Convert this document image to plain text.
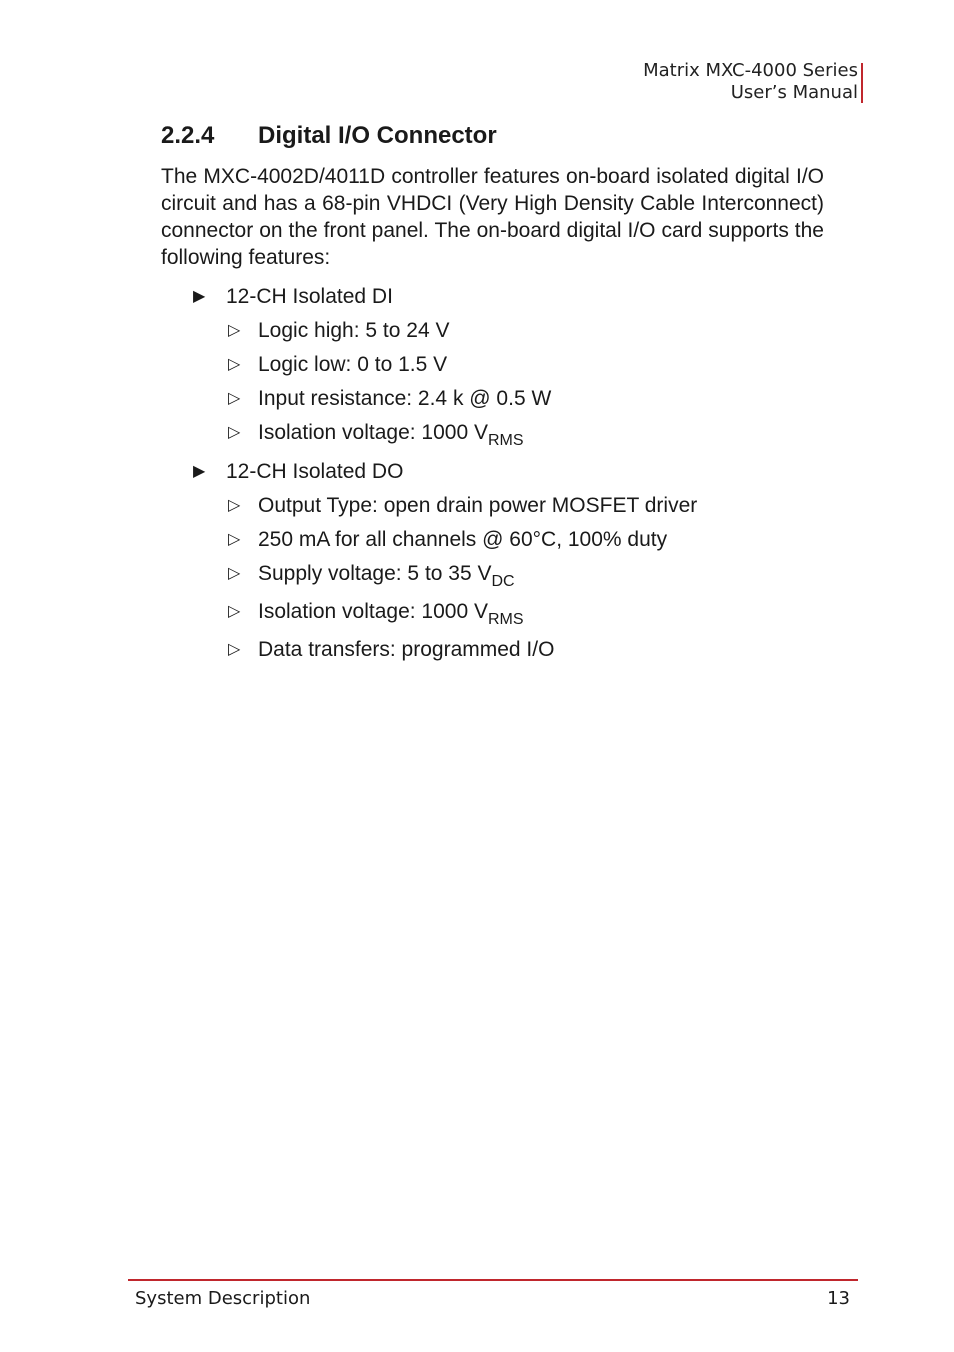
Matrix MXC-4000 Series
User’s Manual
2.2.4 Digital I/O Connector

The MXC-4002D/4011D controller features on-board isolated digital I/O circuit and has a 68-pin VHDCI (Very High Density Cable Interconnect) connector on the front panel. The on-board digital I/O card supports the following features:

▶ 12-CH Isolated DI
▷ Logic high: 5 to 24 V
▷ Logic low: 0 to 1.5 V
▷ Input resistance: 2.4 k @ 0.5 W
▷ Isolation voltage: 1000 $V_{RMS}$
▶ 12-CH Isolated DO
▷ Output Type: open drain power MOSFET driver
▷ 250 mA for all channels @ 60°C, 100% duty
▷ Supply voltage: 5 to 35 $V_{DC}$
▷ Isolation voltage: 1000 $V_{RMS}$
▷ Data transfers: programmed I/O
System Description	13
